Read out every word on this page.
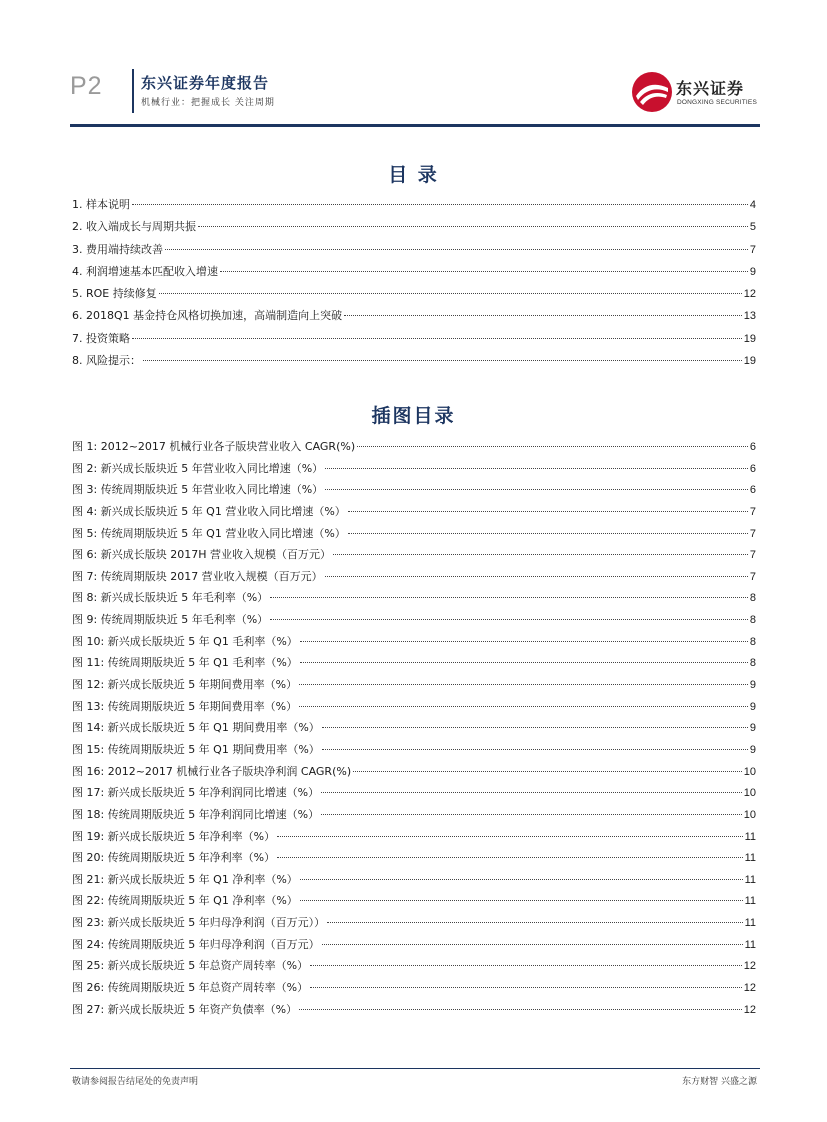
P2	东兴证券年度报告
机械行业：把握成长 关注周期
东兴证券
DONGXING SECURITIES
目 录
1. 样本说明	4
2. 收入端成长与周期共振	5
3. 费用端持续改善	7
4. 利润增速基本匹配收入增速	9
5. ROE 持续修复	12
6. 2018Q1 基金持仓风格切换加速，高端制造向上突破	13
7. 投资策略	19
8. 风险提示：	19
插图目录
图 1: 2012~2017 机械行业各子版块营业收入 CAGR(%)	6
图 2: 新兴成长版块近 5 年营业收入同比增速（%）	6
图 3: 传统周期版块近 5 年营业收入同比增速（%）	6
图 4: 新兴成长版块近 5 年 Q1 营业收入同比增速（%）	7
图 5: 传统周期版块近 5 年 Q1 营业收入同比增速（%）	7
图 6: 新兴成长版块 2017H 营业收入规模（百万元）	7
图 7: 传统周期版块 2017 营业收入规模（百万元）	7
图 8: 新兴成长版块近 5 年毛利率（%）	8
图 9: 传统周期版块近 5 年毛利率（%）	8
图 10: 新兴成长版块近 5 年 Q1 毛利率（%）	8
图 11: 传统周期版块近 5 年 Q1 毛利率（%）	8
图 12: 新兴成长版块近 5 年期间费用率（%）	9
图 13: 传统周期版块近 5 年期间费用率（%）	9
图 14: 新兴成长版块近 5 年 Q1 期间费用率（%）	9
图 15: 传统周期版块近 5 年 Q1 期间费用率（%）	9
图 16: 2012~2017 机械行业各子版块净利润 CAGR(%)	10
图 17: 新兴成长版块近 5 年净利润同比增速（%）	10
图 18: 传统周期版块近 5 年净利润同比增速（%）	10
图 19: 新兴成长版块近 5 年净利率（%）	11
图 20: 传统周期版块近 5 年净利率（%）	11
图 21: 新兴成长版块近 5 年 Q1 净利率（%）	11
图 22: 传统周期版块近 5 年 Q1 净利率（%）	11
图 23: 新兴成长版块近 5 年归母净利润（百万元））	11
图 24: 传统周期版块近 5 年归母净利润（百万元）	11
图 25: 新兴成长版块近 5 年总资产周转率（%）	12
图 26: 传统周期版块近 5 年总资产周转率（%）	12
图 27: 新兴成长版块近 5 年资产负债率（%）	12
敬请参阅报告结尾处的免责声明	东方财智 兴盛之源
